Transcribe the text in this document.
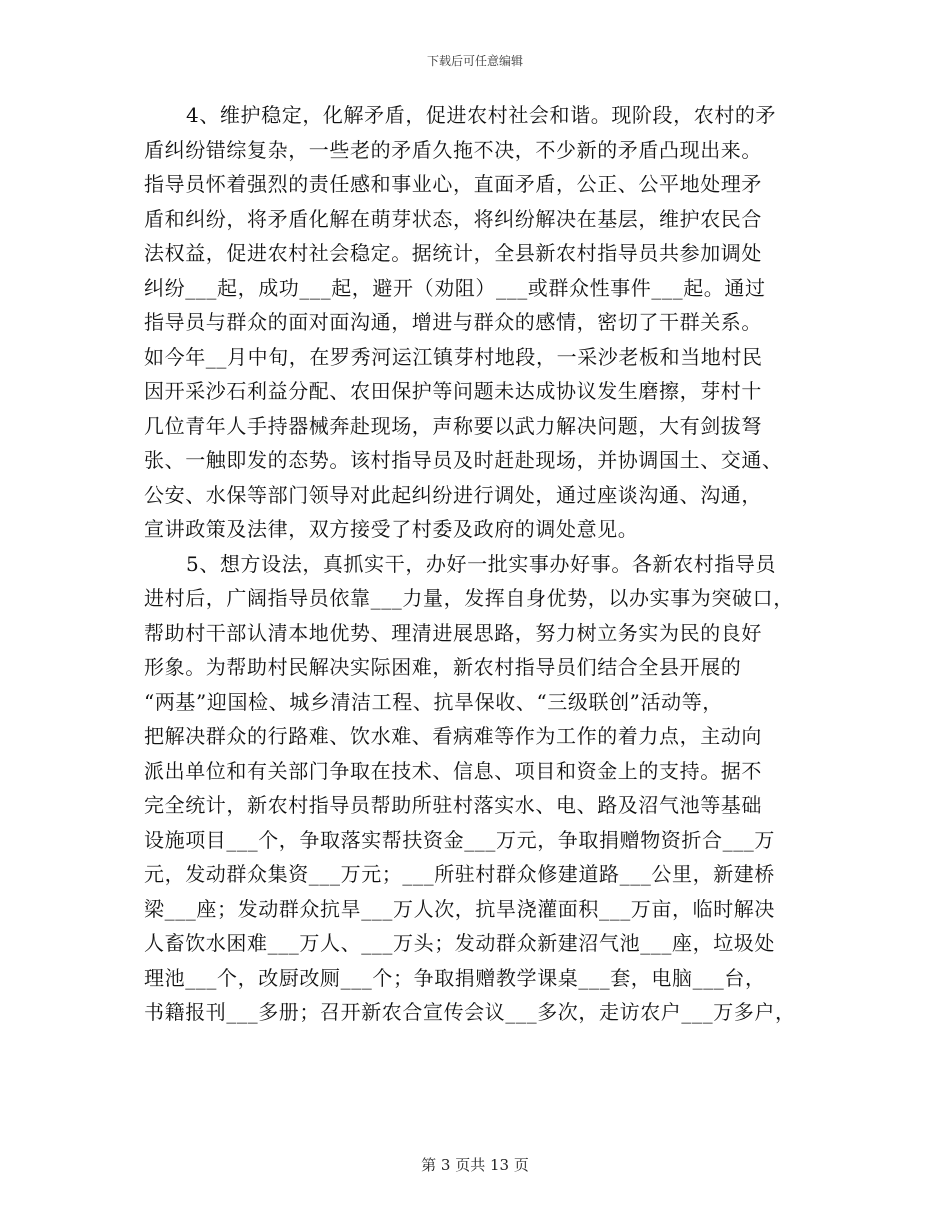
下载后可任意编辑
4、维护稳定，化解矛盾，促进农村社会和谐。现阶段，农村的矛
盾纠纷错综复杂，一些老的矛盾久拖不决，不少新的矛盾凸现出来。
指导员怀着强烈的责任感和事业心，直面矛盾，公正、公平地处理矛
盾和纠纷，将矛盾化解在萌芽状态，将纠纷解决在基层，维护农民合
法权益，促进农村社会稳定。据统计，全县新农村指导员共参加调处
纠纷___起，成功___起，避开（劝阻）___或群众性事件___起。通过
指导员与群众的面对面沟通，增进与群众的感情，密切了干群关系。
如今年__月中旬，在罗秀河运江镇芽村地段，一采沙老板和当地村民
因开采沙石利益分配、农田保护等问题未达成协议发生磨擦，芽村十
几位青年人手持器械奔赴现场，声称要以武力解决问题，大有剑拔弩
张、一触即发的态势。该村指导员及时赶赴现场，并协调国土、交通、
公安、水保等部门领导对此起纠纷进行调处，通过座谈沟通、沟通，
宣讲政策及法律，双方接受了村委及政府的调处意见。
5、想方设法，真抓实干，办好一批实事办好事。各新农村指导员
进村后，广阔指导员依靠___力量，发挥自身优势，以办实事为突破口，
帮助村干部认清本地优势、理清进展思路，努力树立务实为民的良好
形象。为帮助村民解决实际困难，新农村指导员们结合全县开展的
“两基”迎国检、城乡清洁工程、抗旱保收、“三级联创”活动等，
把解决群众的行路难、饮水难、看病难等作为工作的着力点，主动向
派出单位和有关部门争取在技术、信息、项目和资金上的支持。据不
完全统计，新农村指导员帮助所驻村落实水、电、路及沼气池等基础
设施项目___个，争取落实帮扶资金___万元，争取捐赠物资折合___万
元，发动群众集资___万元；___所驻村群众修建道路___公里，新建桥
梁___座；发动群众抗旱___万人次，抗旱浇灌面积___万亩，临时解决
人畜饮水困难___万人、___万头；发动群众新建沼气池___座，垃圾处
理池___个，改厨改厕___个；争取捐赠教学课桌___套，电脑___台，
书籍报刊___多册；召开新农合宣传会议___多次，走访农户___万多户，
第 3 页共 13 页
